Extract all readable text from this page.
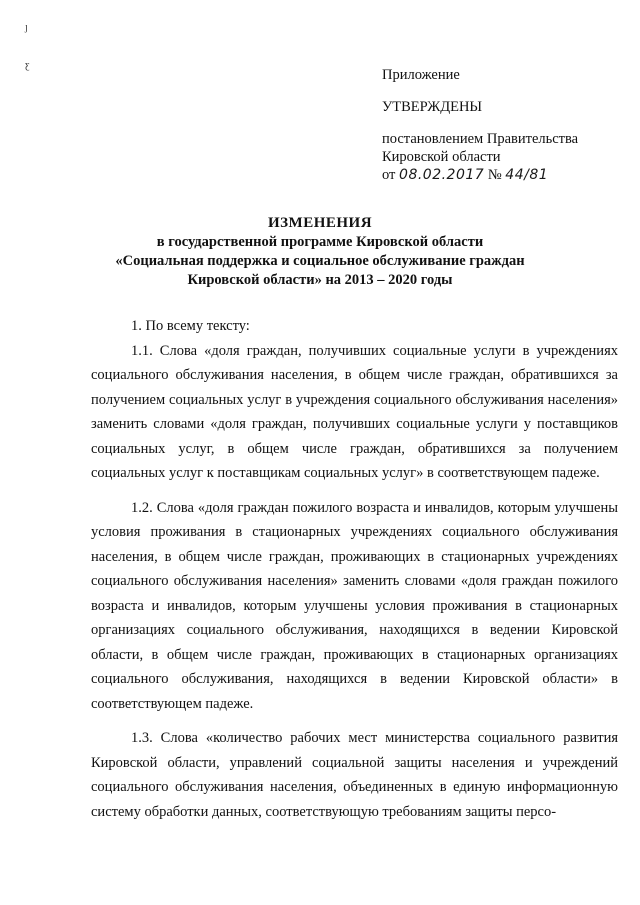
ȷ
ƹ
Приложение
УТВЕРЖДЕНЫ
постановлением Правительства
Кировской области
от 08.02.2017 № 44/81
ИЗМЕНЕНИЯ
в государственной программе Кировской области
«Социальная поддержка и социальное обслуживание граждан
Кировской области» на 2013 – 2020 годы

1. По всему тексту:

1.1. Слова «доля граждан, получивших социальные услуги в учреждениях социального обслуживания населения, в общем числе граждан, обратившихся за получением социальных услуг в учреждения социального обслуживания населения» заменить словами «доля граждан, получивших социальные услуги у поставщиков социальных услуг, в общем числе граждан, обратившихся за получением социальных услуг к поставщикам социальных услуг» в соответствующем падеже.

1.2. Слова «доля граждан пожилого возраста и инвалидов, которым улучшены условия проживания в стационарных учреждениях социального обслуживания населения, в общем числе граждан, проживающих в стационарных учреждениях социального обслуживания населения» заменить словами «доля граждан пожилого возраста и инвалидов, которым улучшены условия проживания в стационарных организациях социального обслуживания, находящихся в ведении Кировской области, в общем числе граждан, проживающих в стационарных организациях социального обслуживания, находящихся в ведении Кировской области» в соответствующем падеже.

1.3. Слова «количество рабочих мест министерства социального развития Кировской области, управлений социальной защиты населения и учреждений социального обслуживания населения, объединенных в единую информационную систему обработки данных, соответствующую требованиям защиты персо-
